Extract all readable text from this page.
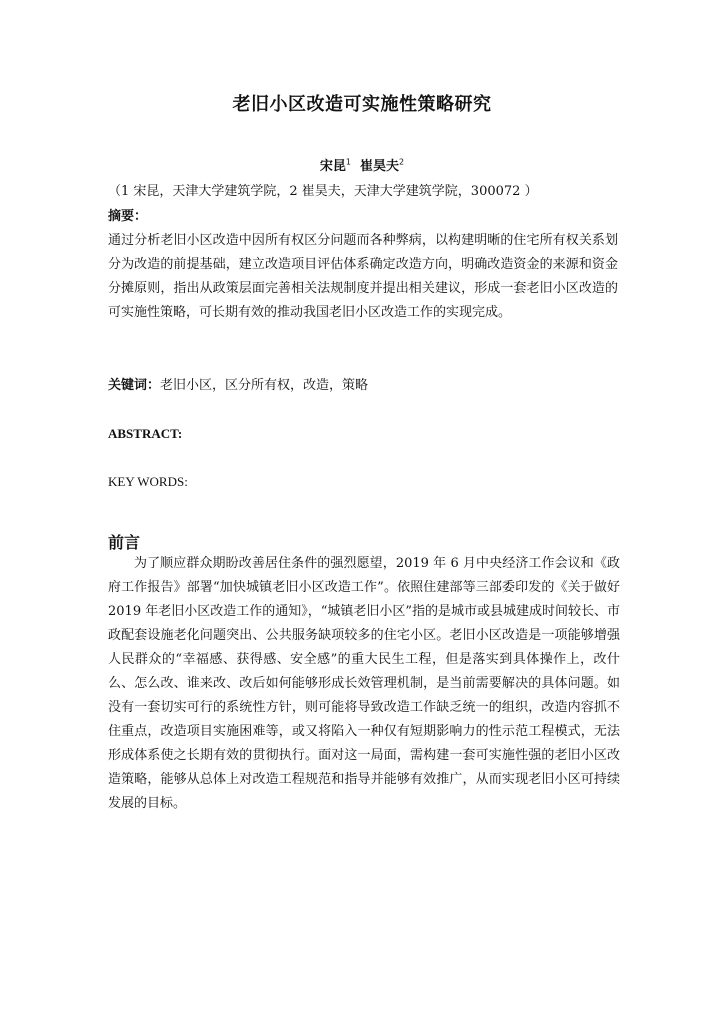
老旧小区改造可实施性策略研究
宋昆$^1$ 崔昊夫$^2$
（1 宋昆，天津大学建筑学院，2 崔昊夫，天津大学建筑学院，300072 ）
摘要：

通过分析老旧小区改造中因所有权区分问题而各种弊病，以构建明晰的住宅所有权关系划分为改造的前提基础，建立改造项目评估体系确定改造方向，明确改造资金的来源和资金分摊原则，指出从政策层面完善相关法规制度并提出相关建议，形成一套老旧小区改造的可实施性策略，可长期有效的推动我国老旧小区改造工作的实现完成。

关键词：老旧小区，区分所有权，改造，策略
ABSTRACT:
KEY WORDS:
前言

为了顺应群众期盼改善居住条件的强烈愿望，2019 年 6 月中央经济工作会议和《政府工作报告》部署“加快城镇老旧小区改造工作”。依照住建部等三部委印发的《关于做好 2019 年老旧小区改造工作的通知》，“城镇老旧小区”指的是城市或县城建成时间较长、市政配套设施老化问题突出、公共服务缺项较多的住宅小区。老旧小区改造是一项能够增强人民群众的“幸福感、获得感、安全感”的重大民生工程，但是落实到具体操作上，改什么、怎么改、谁来改、改后如何能够形成长效管理机制，是当前需要解决的具体问题。如没有一套切实可行的系统性方针，则可能将导致改造工作缺乏统一的组织，改造内容抓不住重点，改造项目实施困难等，或又将陷入一种仅有短期影响力的性示范工程模式，无法形成体系使之长期有效的贯彻执行。面对这一局面，需构建一套可实施性强的老旧小区改造策略，能够从总体上对改造工程规范和指导并能够有效推广，从而实现老旧小区可持续发展的目标。
